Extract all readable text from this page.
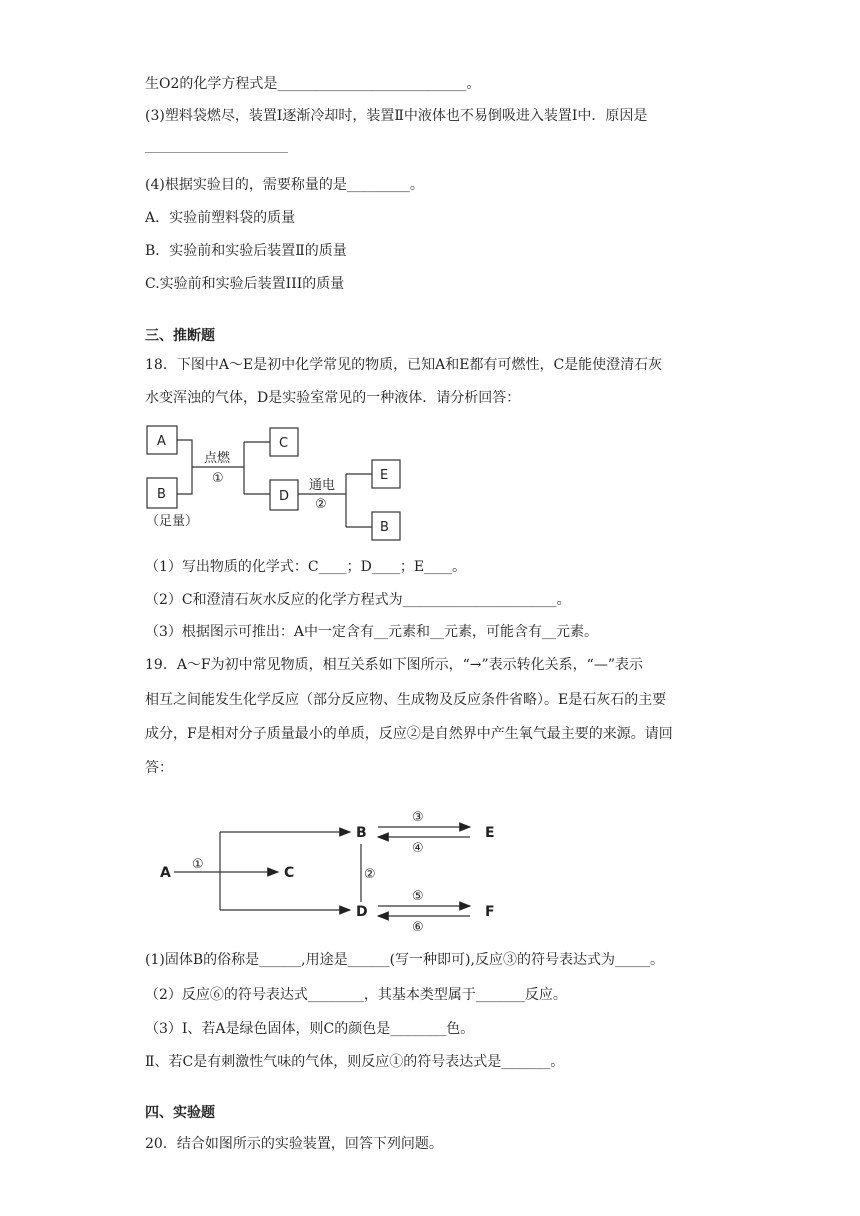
生O2的化学方程式是___________________________。
(3)塑料袋燃尽，装置Ⅰ逐渐冷却时，装置Ⅱ中液体也不易倒吸进入装置Ⅰ中．原因是
(4)根据实验目的，需要称量的是_________。
A．实验前塑料袋的质量
B．实验前和实验后装置Ⅱ的质量
C.实验前和实验后装置III的质量
三、推断题
18．下图中A～E是初中化学常见的物质，已知A和E都有可燃性，C是能使澄清石灰
水变浑浊的气体，D是实验室常见的一种液体．请分析回答：
A
B
（足量）
点燃
①
C
D
通电
②
E
B
（1）写出物质的化学式：C____；D____；E____。
（2）C和澄清石灰水反应的化学方程式为______________________。
（3）根据图示可推出：A中一定含有__元素和__元素，可能含有__元素。
19．A～F为初中常见物质，相互关系如下图所示，“→”表示转化关系，“—”表示
相互之间能发生化学反应（部分反应物、生成物及反应条件省略）。E是石灰石的主要
成分，F是相对分子质量最小的单质，反应②是自然界中产生氧气最主要的来源。请回
答：
A
①
C
B
D
②
③
④
E
⑤
⑥
F
(1)固体B的俗称是______,用途是______(写一种即可),反应③的符号表达式为_____。
（2）反应⑥的符号表达式________，其基本类型属于_______反应。
（3）Ⅰ、若A是绿色固体，则C的颜色是________色。
Ⅱ、若C是有刺激性气味的气体，则反应①的符号表达式是_______。
四、实验题
20．结合如图所示的实验装置，回答下列问题。
